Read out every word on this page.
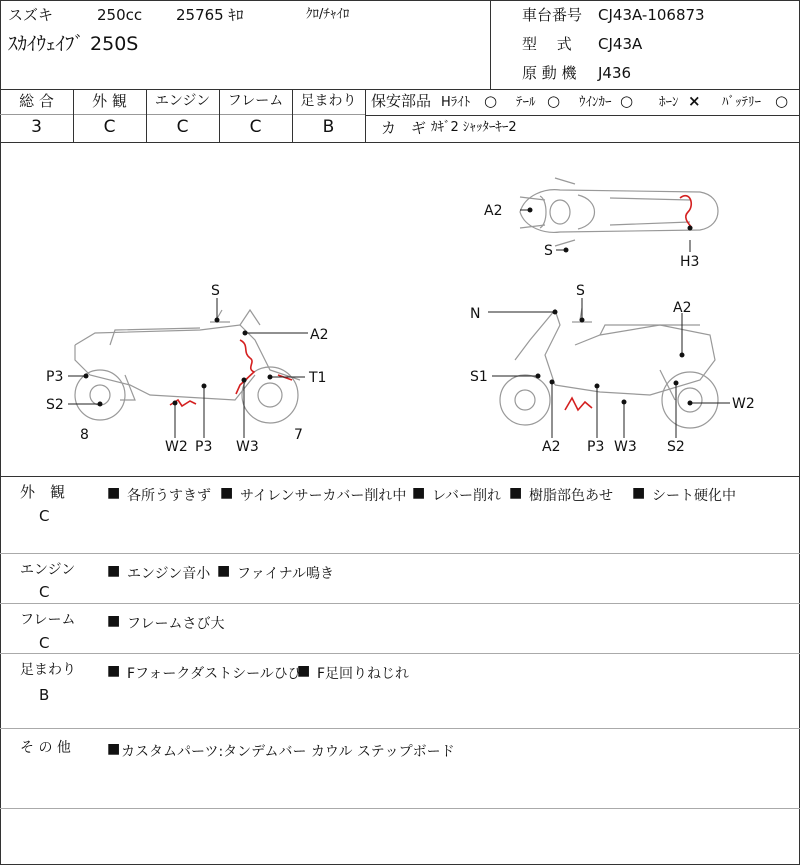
スズキ	250cc 25765 ｷﾛ	ｸﾛ/ﾁｬｲﾛ
ｽｶｲｳｪｲﾌﾞ 250S
車台番号 CJ43A-106873
型　 式 CJ43A
原 動 機 J436
総 合	外 観	エンジン	フレーム	足まわり
3	C	C	C	B
保安部品 Hﾗｲﾄ ○ ﾃｰﾙ ○ ｳｲﾝｶｰ ○ ﾎｰﾝ × ﾊﾞｯﾃﾘｰ ○
カ　ギ ｶｷﾞ2 ｼｬｯﾀｰｷｰ2
A2
S
H3
S
A2
P3	T1
S2
8
W2 P3 W3
7
N
S
A2
S1
W2
A2 P3 W3 S2
外　観
C
■ 各所うすきず ■ サイレンサーカバー削れ中 ■ レバー削れ ■ 樹脂部色あせ ■ シート硬化中
エンジン
C
■ エンジン音小 ■ ファイナル鳴き
フレーム
C
■ フレームさび大
足まわり
B
■ Fフォークダストシールひび
■ F足回りねじれ
そ の 他	■ カスタムパーツ:タンデムバー カウル ステップボード
